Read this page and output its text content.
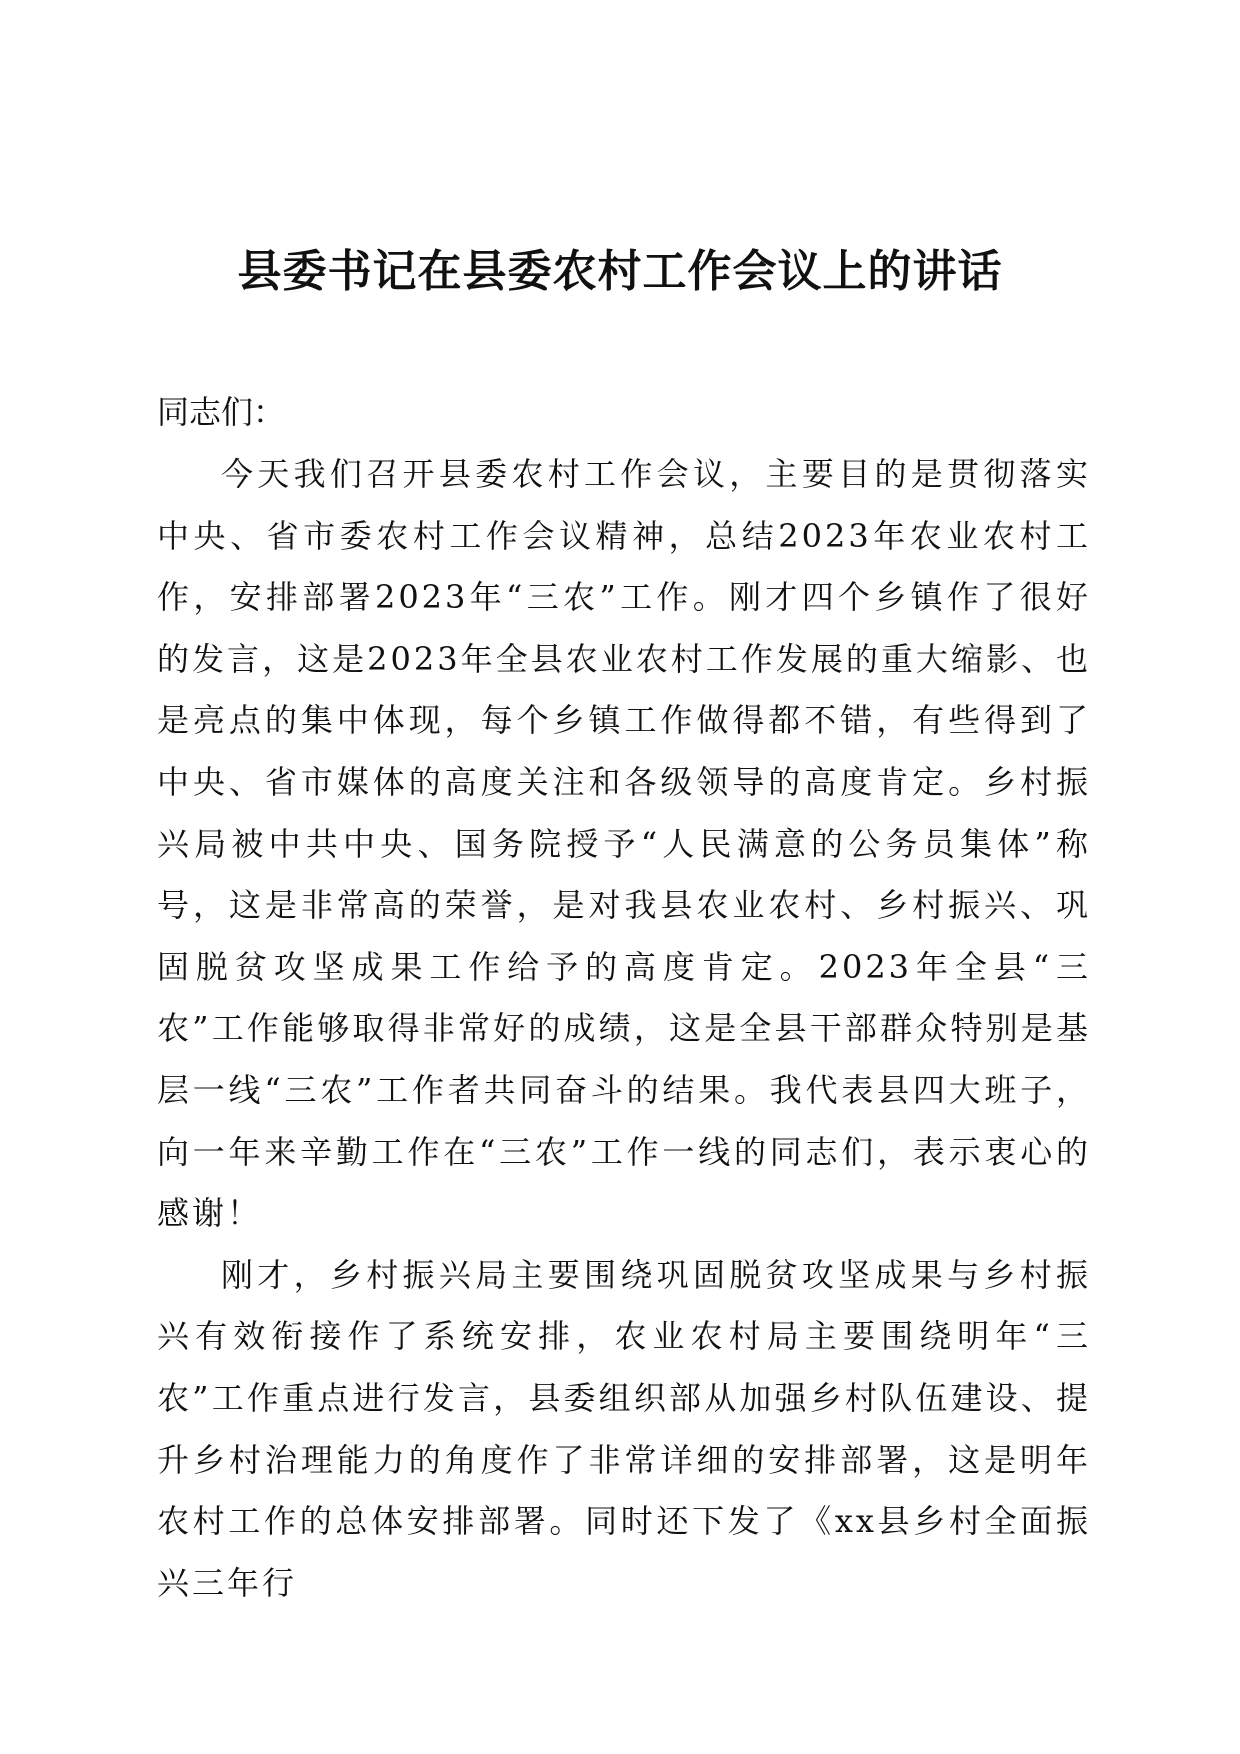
县委书记在县委农村工作会议上的讲话

同志们：

今天我们召开县委农村工作会议，主要目的是贯彻落实中央、省市委农村工作会议精神，总结2023年农业农村工作，安排部署2023年“三农”工作。刚才四个乡镇作了很好的发言，这是2023年全县农业农村工作发展的重大缩影、也是亮点的集中体现，每个乡镇工作做得都不错，有些得到了中央、省市媒体的高度关注和各级领导的高度肯定。乡村振兴局被中共中央、国务院授予“人民满意的公务员集体”称号，这是非常高的荣誉，是对我县农业农村、乡村振兴、巩固脱贫攻坚成果工作给予的高度肯定。2023年全县“三农”工作能够取得非常好的成绩，这是全县干部群众特别是基层一线“三农”工作者共同奋斗的结果。我代表县四大班子，向一年来辛勤工作在“三农”工作一线的同志们，表示衷心的感谢！

刚才，乡村振兴局主要围绕巩固脱贫攻坚成果与乡村振兴有效衔接作了系统安排，农业农村局主要围绕明年“三农”工作重点进行发言，县委组织部从加强乡村队伍建设、提升乡村治理能力的角度作了非常详细的安排部署，这是明年农村工作的总体安排部署。同时还下发了《xx县乡村全面振兴三年行
